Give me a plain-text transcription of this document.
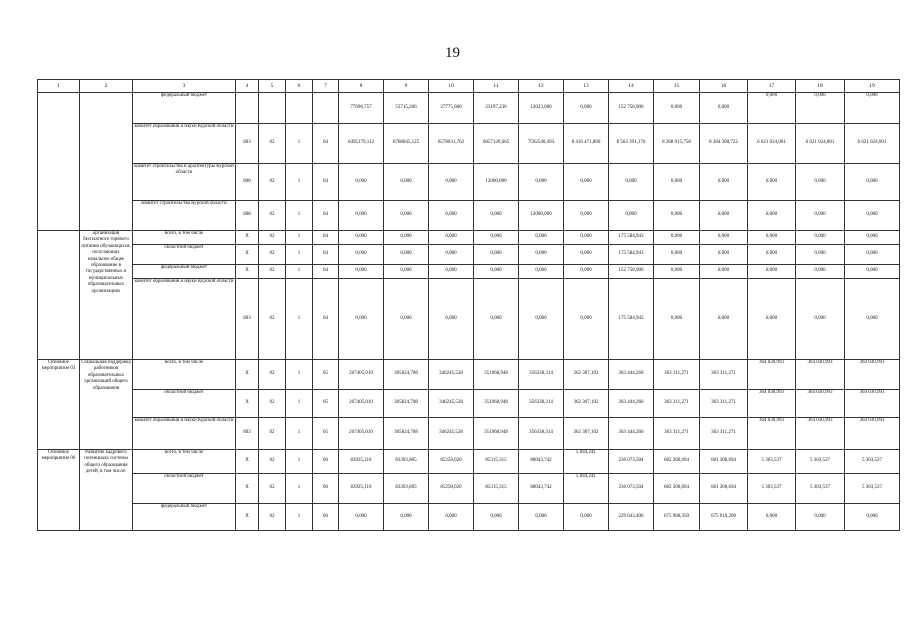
19
1	2	3	4	5	6	7	8	9	10	11	12	13	14	15	16	17	18	19
		федеральный бюджет					77696,757	53715,206	27775,600	23197,236	12023,600	0,000	152 758,900	0,000	0,000	0,000	0,000	0,000
		комитет образования и науки Курской области	803	02	1	04	6495179,112	6768045,125	6578031,762	6857120,665	7592540,493	8 416 471,860	8 563 391,170	8 268 915,758	8 284 300,722	6 621 024,001	6 621 024,001	6 621 024,001
		комитет строительства и архитектуры Курской области	808	02	1	04	0,000	0,000	0,000	12000,000	0,000	0,000	0,000	0,000	0,000	0,000	0,000	0,000
		комитет строительства Курской области	808	02	1	04	0,000	0,000	0,000	0,000	12000,000	0,000	0,000	0,000	0,000	0,000	0,000	0,000
	организация бесплатного горячего питания обучающихся, получающих начальное общее образование в государственных и муниципальных образовательных организациях	всего, в том числе	X	02	1	04	0,000	0,000	0,000	0,000	0,000	0,000	175 584,943	0,000	0,000	0,000	0,000	0,000
		областной бюджет	X	02	1	04	0,000	0,000	0,000	0,000	0,000	0,000	175 584,943	0,000	0,000	0,000	0,000	0,000
		федеральный бюджет	X	02	1	04	0,000	0,000	0,000	0,000	0,000	0,000	152 758,900	0,000	0,000	0,000	0,000	0,000
		комитет образования и науки Курской области	803	02	1	04	0,000	0,000	0,000	0,000	0,000	0,000	175 584,943	0,000	0,000	0,000	0,000	0,000
Основное мероприятие 03	Социальная поддержка работников образовательных организаций общего образования	всего, в том числе	X	02	1	05	267405,010	305824,708	346245,528	351968,948	356338,314	362 307,102	363 444,260	363 311,271	363 311,271	364 030,993	364 030,993	364 030,993
		областной бюджет	X	02	1	05	267405,010	305824,708	346245,528	351968,948	356338,314	362 307,102	363 444,260	363 311,271	363 311,271	364 030,993	364 030,993	364 030,993
		комитет образования и науки Курской области	803	02	1	05	267405,010	305824,708	346245,528	351968,948	356338,314	362 307,102	363 444,260	363 311,271	363 311,271	364 030,993	364 030,993	364 030,993
Основное мероприятие 06	Развитие кадрового потенциала системы общего образования детей, в том числе:	всего, в том числе	X	02	1	06	83925,110	83393,805	85258,020	85315,315	88043,742	5 044,241	236 073,504	682 300,694	681 300,694	5 303,537	5 303,537	5 303,537
		областной бюджет	X	02	1	06	83925,110	83393,805	85258,020	85315,315	88043,742	5 044,241	236 073,504	682 300,694	681 300,694	5 303,537	5 303,537	5 303,537
		федеральный бюджет	X	02	1	06	0,000	0,000	0,000	0,000	0,000	0,000	229 643,400	675 980,350	675 010,200	0,000	0,000	0,000
